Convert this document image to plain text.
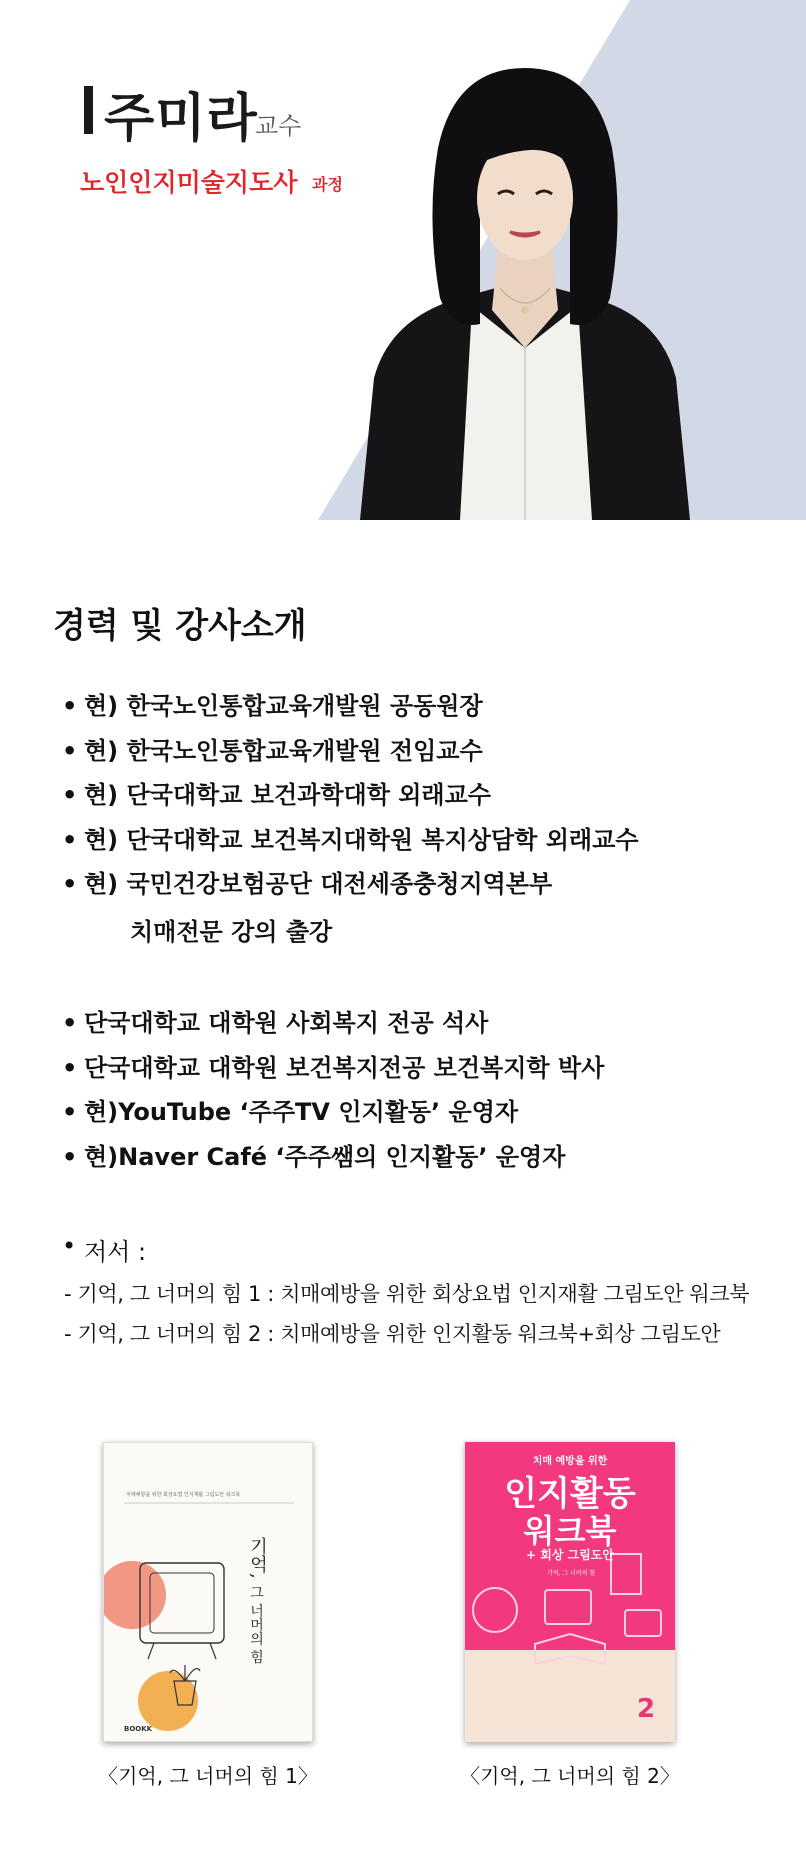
주미라
교수
노인인지미술지도사 과정
경력 및 강사소개
• 현) 한국노인통합교육개발원 공동원장
• 현) 한국노인통합교육개발원 전임교수
• 현) 단국대학교 보건과학대학 외래교수
• 현) 단국대학교 보건복지대학원 복지상담학 외래교수
• 현) 국민건강보험공단 대전세종충청지역본부
치매전문 강의 출강
• 단국대학교 대학원 사회복지 전공 석사
• 단국대학교 대학원 보건복지전공 보건복지학 박사
• 현)YouTube ‘주주TV 인지활동’ 운영자
• 현)Naver Café ‘주주쌤의 인지활동’ 운영자
• 저서 :
- 기억, 그 너머의 힘 1 : 치매예방을 위한 회상요법 인지재활 그림도안 워크북
- 기억, 그 너머의 힘 2 : 치매예방을 위한 인지활동 워크북+회상 그림도안
치매예방을 위한 회상요법 인지재활 그림도안 워크북
기억,
그 너머의 힘
BOOKK
〈기억, 그 너머의 힘 1〉
치매 예방을 위한
인지활동
워크북
+ 회상 그림도안
기억, 그 너머의 힘
2
〈기억, 그 너머의 힘 2〉
